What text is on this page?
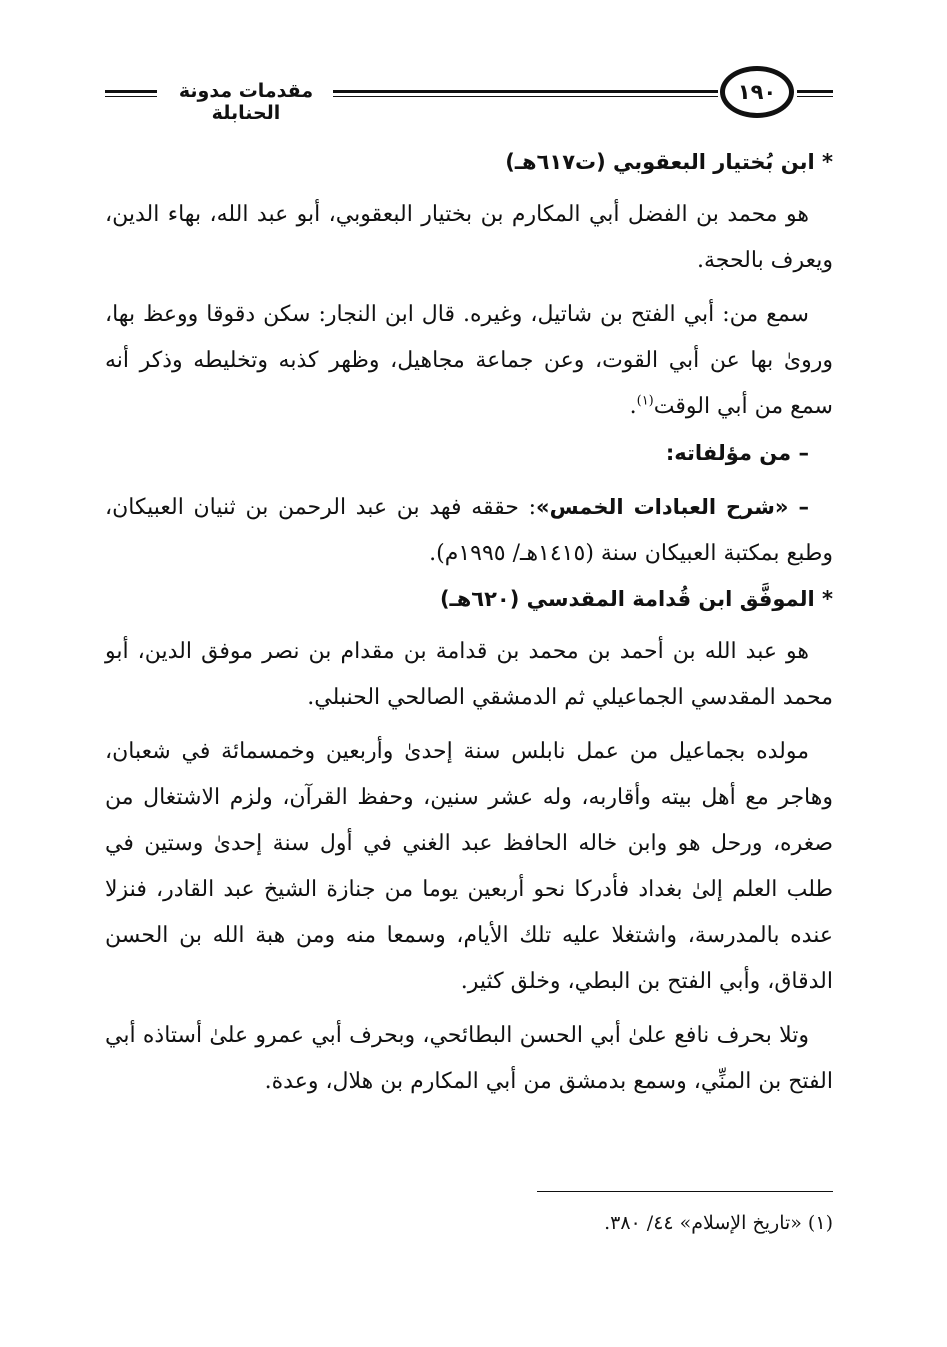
مقدمات مدونة الحنابلة
١٩٠

* ابن بُختيار البعقوبي (ت٦١٧هـ)

هو محمد بن الفضل أبي المكارم بن بختيار البعقوبي، أبو عبد الله، بهاء الدين، ويعرف بالحجة.

سمع من: أبي الفتح بن شاتيل، وغيره. قال ابن النجار: سكن دقوقا ووعظ بها، وروىٰ بها عن أبي القوت، وعن جماعة مجاهيل، وظهر كذبه وتخليطه وذكر أنه سمع من أبي الوقت$^{(١)}$.

– من مؤلفاته:

– «شرح العبادات الخمس»: حققه فهد بن عبد الرحمن بن ثنيان العبيكان، وطبع بمكتبة العبيكان سنة (١٤١٥هـ/ ١٩٩٥م).

* الموفَّق ابن قُدامة المقدسي (٦٢٠هـ)

هو عبد الله بن أحمد بن محمد بن قدامة بن مقدام بن نصر موفق الدين، أبو محمد المقدسي الجماعيلي ثم الدمشقي الصالحي الحنبلي.

مولده بجماعيل من عمل نابلس سنة إحدىٰ وأربعين وخمسمائة في شعبان، وهاجر مع أهل بيته وأقاربه، وله عشر سنين، وحفظ القرآن، ولزم الاشتغال من صغره، ورحل هو وابن خاله الحافظ عبد الغني في أول سنة إحدىٰ وستين في طلب العلم إلىٰ بغداد فأدركا نحو أربعين يوما من جنازة الشيخ عبد القادر، فنزلا عنده بالمدرسة، واشتغلا عليه تلك الأيام، وسمعا منه ومن هبة الله بن الحسن الدقاق، وأبي الفتح بن البطي، وخلق كثير.

وتلا بحرف نافع علىٰ أبي الحسن البطائحي، وبحرف أبي عمرو علىٰ أستاذه أبي الفتح بن المنِّي، وسمع بدمشق من أبي المكارم بن هلال، وعدة.

(١) «تاريخ الإسلام» ٤٤/ ٣٨٠.
